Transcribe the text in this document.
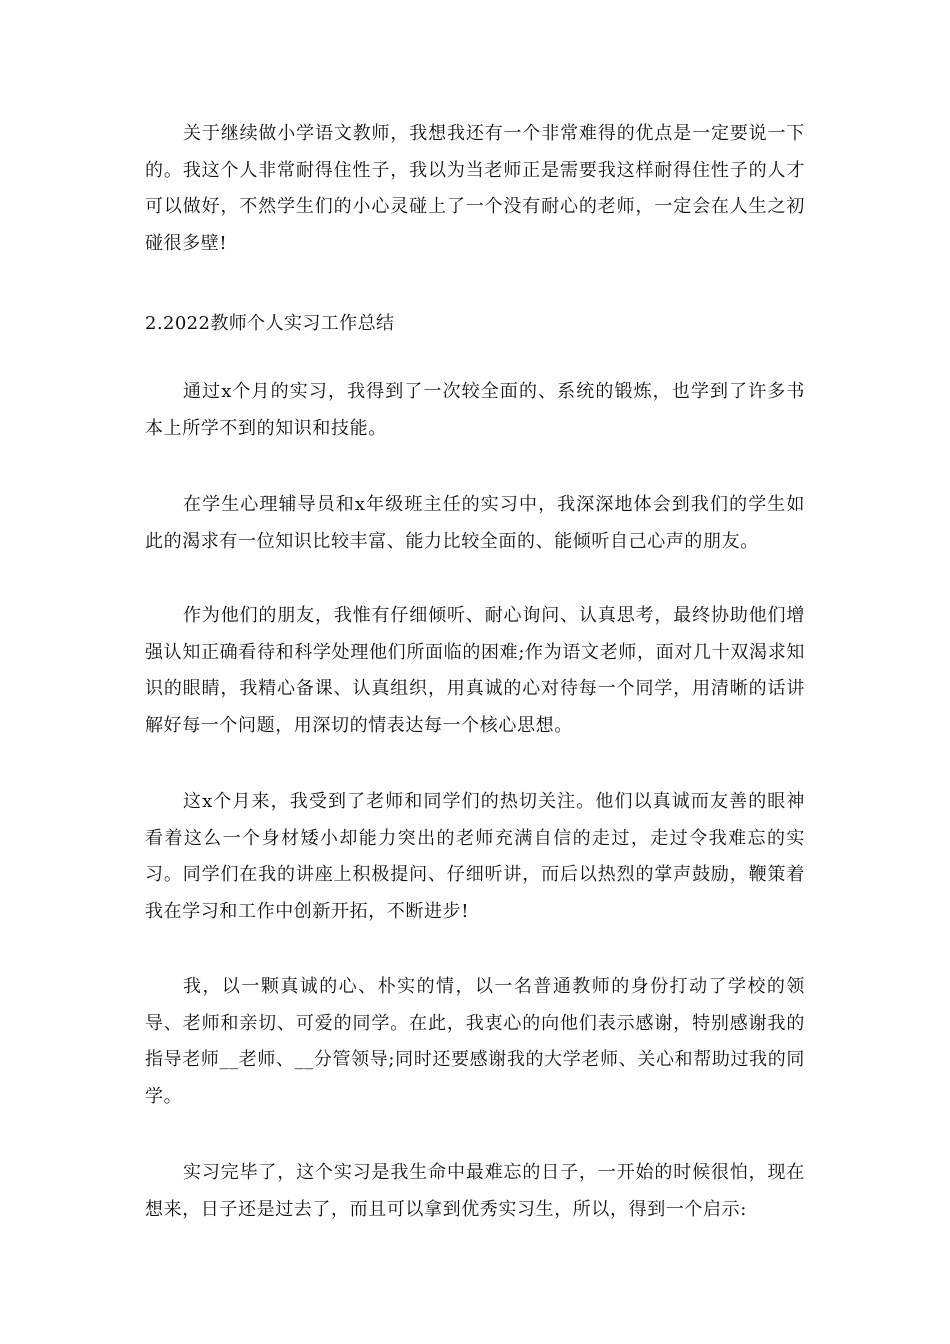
关于继续做小学语文教师，我想我还有一个非常难得的优点是一定要说一下的。我这个人非常耐得住性子，我以为当老师正是需要我这样耐得住性子的人才可以做好，不然学生们的小心灵碰上了一个没有耐心的老师，一定会在人生之初碰很多壁!

2.2022教师个人实习工作总结

通过x个月的实习，我得到了一次较全面的、系统的锻炼，也学到了许多书本上所学不到的知识和技能。

在学生心理辅导员和x年级班主任的实习中，我深深地体会到我们的学生如此的渴求有一位知识比较丰富、能力比较全面的、能倾听自己心声的朋友。

作为他们的朋友，我惟有仔细倾听、耐心询问、认真思考，最终协助他们增强认知正确看待和科学处理他们所面临的困难;作为语文老师，面对几十双渴求知识的眼睛，我精心备课、认真组织，用真诚的心对待每一个同学，用清晰的话讲解好每一个问题，用深切的情表达每一个核心思想。

这x个月来，我受到了老师和同学们的热切关注。他们以真诚而友善的眼神看着这么一个身材矮小却能力突出的老师充满自信的走过，走过令我难忘的实习。同学们在我的讲座上积极提问、仔细听讲，而后以热烈的掌声鼓励，鞭策着我在学习和工作中创新开拓，不断进步!

我，以一颗真诚的心、朴实的情，以一名普通教师的身份打动了学校的领导、老师和亲切、可爱的同学。在此，我衷心的向他们表示感谢，特别感谢我的指导老师__老师、__分管领导;同时还要感谢我的大学老师、关心和帮助过我的同学。

实习完毕了，这个实习是我生命中最难忘的日子，一开始的时候很怕，现在想来，日子还是过去了，而且可以拿到优秀实习生，所以，得到一个启示:
